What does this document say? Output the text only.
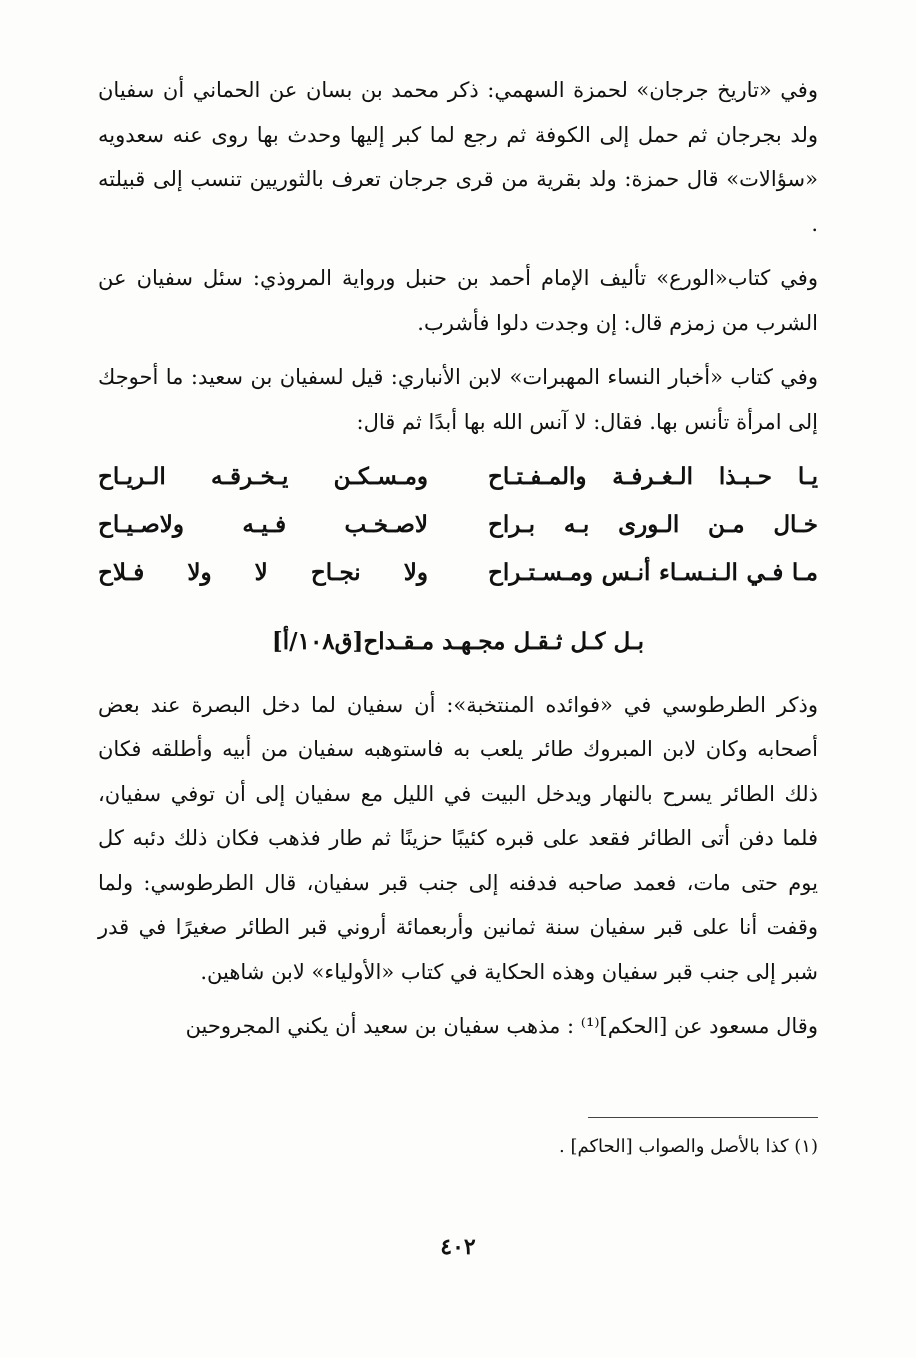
وفي «تاريخ جرجان» لحمزة السهمي: ذكر محمد بن بسان عن الحماني أن سفيان ولد بجرجان ثم حمل إلى الكوفة ثم رجع لما كبر إليها وحدث بها روى عنه سعدويه «سؤالات» قال حمزة: ولد بقرية من قرى جرجان تعرف بالثوريين تنسب إلى قبيلته .

وفي كتاب«الورع» تأليف الإمام أحمد بن حنبل ورواية المروذي: سئل سفيان عن الشرب من زمزم قال: إن وجدت دلوا فأشرب.

وفي كتاب «أخبار النساء المهبرات» لابن الأنباري: قيل لسفيان بن سعيد: ما أحوجك إلى امرأة تأنس بها. فقال: لا آنس الله بها أبدًا ثم قال:

يـا حـبـذا الـغـرفـة والمـفـتـاح
ومـسـكـن يـخـرقـه الـريـاح
خـال مـن الـورى بـه بـراح
لاصـخـب فـيـه ولاصـيـاح
مـا فـي الـنـسـاء أنـس ومـسـتـراح
ولا نجـاح لا ولا فـلاح

بـل كـل ثـقـل مجـهـد مـقـداح[ق١٠٨/أ]

وذكر الطرطوسي في «فوائده المنتخبة»: أن سفيان لما دخل البصرة عند بعض أصحابه وكان لابن المبروك طائر يلعب به فاستوهبه سفيان من أبيه وأطلقه فكان ذلك الطائر يسرح بالنهار ويدخل البيت في الليل مع سفيان إلى أن توفي سفيان، فلما دفن أتى الطائر فقعد على قبره كئيبًا حزينًا ثم طار فذهب فكان ذلك دئبه كل يوم حتى مات، فعمد صاحبه فدفنه إلى جنب قبر سفيان، قال الطرطوسي: ولما وقفت أنا على قبر سفيان سنة ثمانين وأربعمائة أروني قبر الطائر صغيرًا في قدر شبر إلى جنب قبر سفيان وهذه الحكاية في كتاب «الأولياء» لابن شاهين.

وقال مسعود عن [الحكم]⁽¹⁾ : مذهب سفيان بن سعيد أن يكني المجروحين

(١) كذا بالأصل والصواب [الحاكم] .

٤٠٢
